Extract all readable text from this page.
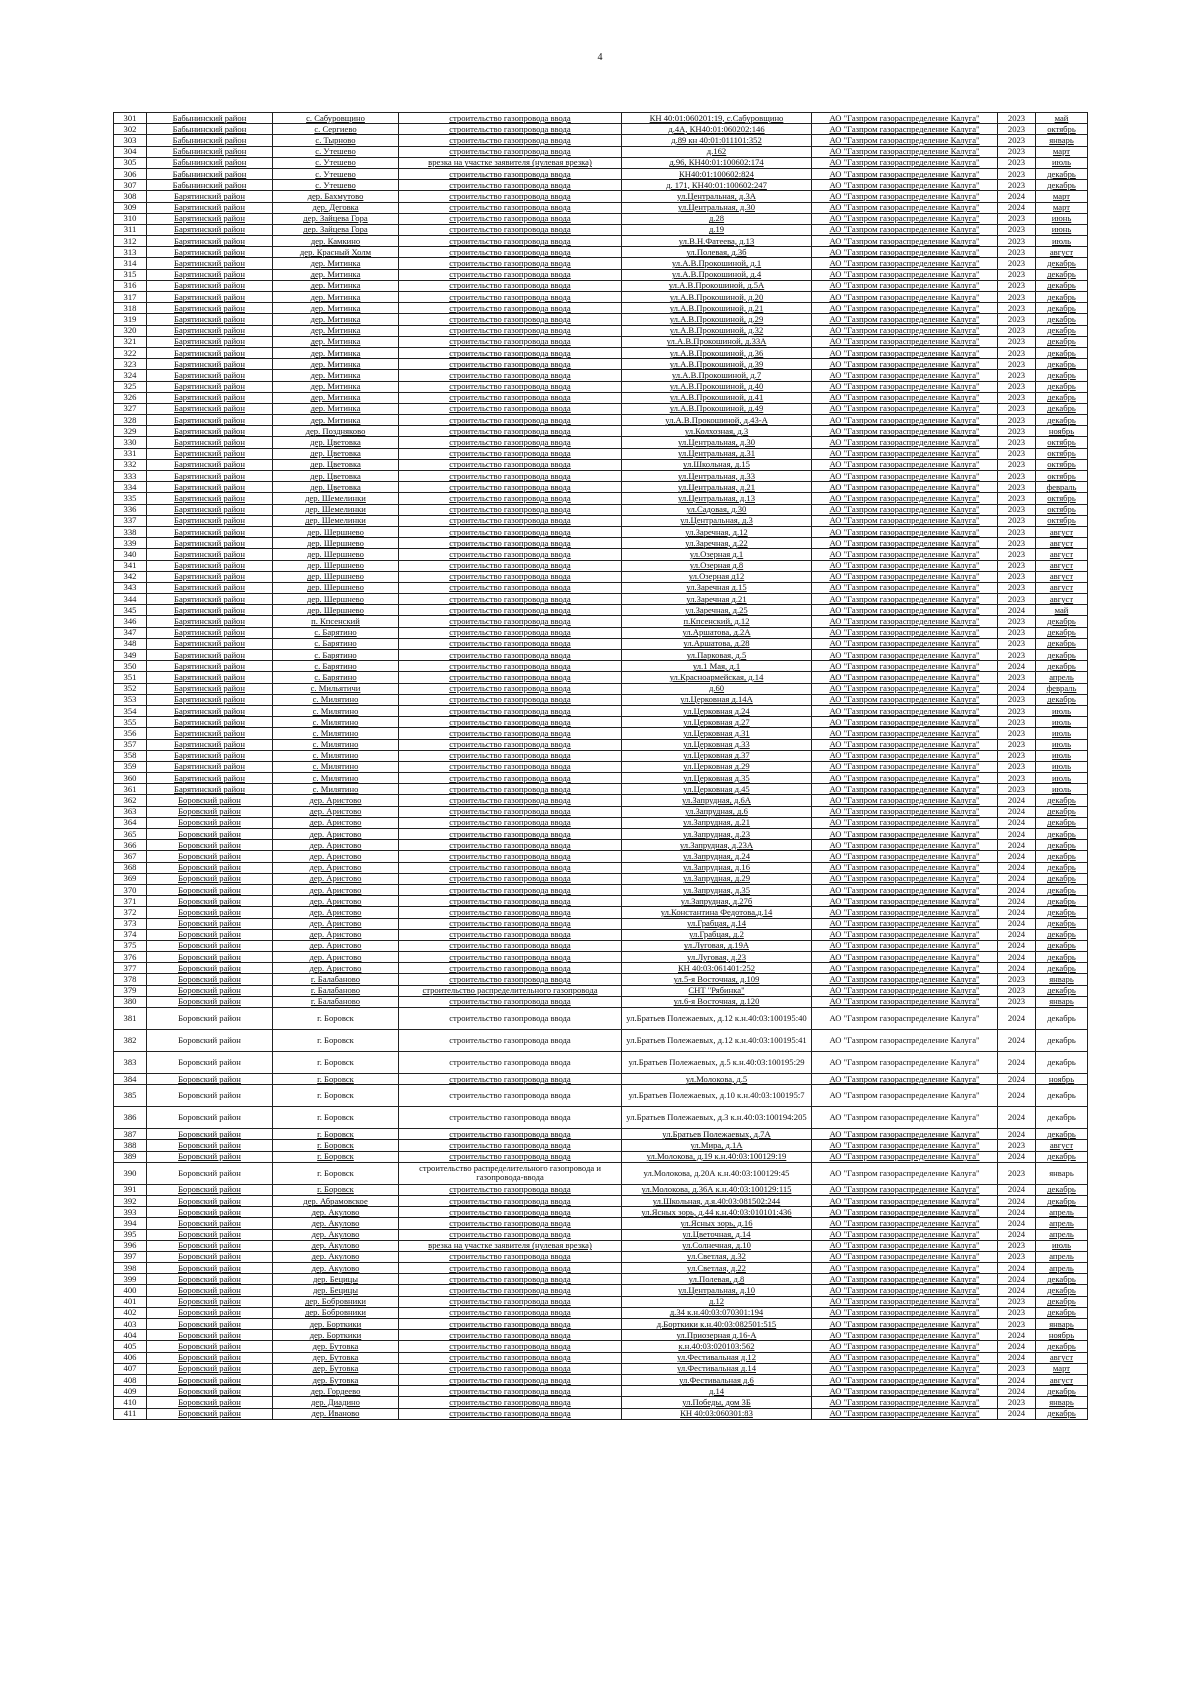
4
301	Бабынинский район	с. Сабуровщино	строительство газопровода ввода	КН 40:01:060201:19, с.Сабуровщино	АО "Газпром газораспределение Калуга"	2023	май
302	Бабынинский район	с. Сергиево	строительство газопровода ввода	д.4А, КН40:01:060202:146	АО "Газпром газораспределение Калуга"	2023	октябрь
303	Бабынинский район	с. Тырново	строительство газопровода ввода	д.89 кн 40:01:011101:352	АО "Газпром газораспределение Калуга"	2023	январь
304	Бабынинский район	с. Утешево	строительство газопровода ввода	д.162	АО "Газпром газораспределение Калуга"	2023	март
305	Бабынинский район	с. Утешево	врезка на участке заявителя (нулевая врезка)	д.96, КН40:01:100602:174	АО "Газпром газораспределение Калуга"	2023	июль
306	Бабынинский район	с. Утешево	строительство газопровода ввода	КН40:01:100602:824	АО "Газпром газораспределение Калуга"	2023	декабрь
307	Бабынинский район	с. Утешево	строительство газопровода ввода	д. 171, КН40:01:100602:247	АО "Газпром газораспределение Калуга"	2023	декабрь
308	Барятинский район	дер. Бахмутово	строительство газопровода ввода	ул.Центральная, д.3А	АО "Газпром газораспределение Калуга"	2024	март
309	Барятинский район	дер. Деговка	строительство газопровода ввода	ул.Центральная, д.30	АО "Газпром газораспределение Калуга"	2024	март
310	Барятинский район	дер. Зайцева Гора	строительство газопровода ввода	д.28	АО "Газпром газораспределение Калуга"	2023	июнь
311	Барятинский район	дер. Зайцева Гора	строительство газопровода ввода	д.19	АО "Газпром газораспределение Калуга"	2023	июнь
312	Барятинский район	дер. Камкино	строительство газопровода ввода	ул.В.Н.Фатеева, д.13	АО "Газпром газораспределение Калуга"	2023	июль
313	Барятинский район	дер. Красный Холм	строительство газопровода ввода	ул.Полевая, д.3б	АО "Газпром газораспределение Калуга"	2023	август
314	Барятинский район	дер. Митинка	строительство газопровода ввода	ул.А.В.Прокошиной, д.1	АО "Газпром газораспределение Калуга"	2023	декабрь
315	Барятинский район	дер. Митинка	строительство газопровода ввода	ул.А.В.Прокошиной, д.4	АО "Газпром газораспределение Калуга"	2023	декабрь
316	Барятинский район	дер. Митинка	строительство газопровода ввода	ул.А.В.Прокошиной, д.5А	АО "Газпром газораспределение Калуга"	2023	декабрь
317	Барятинский район	дер. Митинка	строительство газопровода ввода	ул.А.В.Прокошиной, д.20	АО "Газпром газораспределение Калуга"	2023	декабрь
318	Барятинский район	дер. Митинка	строительство газопровода ввода	ул.А.В.Прокошиной, д.21	АО "Газпром газораспределение Калуга"	2023	декабрь
319	Барятинский район	дер. Митинка	строительство газопровода ввода	ул.А.В.Прокошиной, д.29	АО "Газпром газораспределение Калуга"	2023	декабрь
320	Барятинский район	дер. Митинка	строительство газопровода ввода	ул.А.В.Прокошиной, д.32	АО "Газпром газораспределение Калуга"	2023	декабрь
321	Барятинский район	дер. Митинка	строительство газопровода ввода	ул.А.В.Прокошиной, д.33А	АО "Газпром газораспределение Калуга"	2023	декабрь
322	Барятинский район	дер. Митинка	строительство газопровода ввода	ул.А.В.Прокошиной, д.36	АО "Газпром газораспределение Калуга"	2023	декабрь
323	Барятинский район	дер. Митинка	строительство газопровода ввода	ул.А.В.Прокошиной, д.39	АО "Газпром газораспределение Калуга"	2023	декабрь
324	Барятинский район	дер. Митинка	строительство газопровода ввода	ул.А.В.Прокошиной, д.7	АО "Газпром газораспределение Калуга"	2023	декабрь
325	Барятинский район	дер. Митинка	строительство газопровода ввода	ул.А.В.Прокошиной, д.40	АО "Газпром газораспределение Калуга"	2023	декабрь
326	Барятинский район	дер. Митинка	строительство газопровода ввода	ул.А.В.Прокошиной, д.41	АО "Газпром газораспределение Калуга"	2023	декабрь
327	Барятинский район	дер. Митинка	строительство газопровода ввода	ул.А.В.Прокошиной, д.49	АО "Газпром газораспределение Калуга"	2023	декабрь
328	Барятинский район	дер. Митинка	строительство газопровода ввода	ул.А.В.Прокошиной, д.43-А	АО "Газпром газораспределение Калуга"	2023	декабрь
329	Барятинский район	дер. Поздняково	строительство газопровода ввода	ул.Колхозная, д.3	АО "Газпром газораспределение Калуга"	2023	ноябрь
330	Барятинский район	дер. Цветовка	строительство газопровода ввода	ул.Центральная, д.30	АО "Газпром газораспределение Калуга"	2023	октябрь
331	Барятинский район	дер. Цветовка	строительство газопровода ввода	ул.Центральная, д.31	АО "Газпром газораспределение Калуга"	2023	октябрь
332	Барятинский район	дер. Цветовка	строительство газопровода ввода	ул.Школьная, д.15	АО "Газпром газораспределение Калуга"	2023	октябрь
333	Барятинский район	дер. Цветовка	строительство газопровода ввода	ул.Центральная, д.33	АО "Газпром газораспределение Калуга"	2023	октябрь
334	Барятинский район	дер. Цветовка	строительство газопровода ввода	ул.Центральная, д.21	АО "Газпром газораспределение Калуга"	2023	февраль
335	Барятинский район	дер. Шемелинки	строительство газопровода ввода	ул.Центральная, д.13	АО "Газпром газораспределение Калуга"	2023	октябрь
336	Барятинский район	дер. Шемелинки	строительство газопровода ввода	ул.Садовая, д.30	АО "Газпром газораспределение Калуга"	2023	октябрь
337	Барятинский район	дер. Шемелинки	строительство газопровода ввода	ул.Центральная, д.3	АО "Газпром газораспределение Калуга"	2023	октябрь
338	Барятинский район	дер. Шершнево	строительство газопровода ввода	ул.Заречная, д.12	АО "Газпром газораспределение Калуга"	2023	август
339	Барятинский район	дер. Шершнево	строительство газопровода ввода	ул.Заречная, д.22	АО "Газпром газораспределение Калуга"	2023	август
340	Барятинский район	дер. Шершнево	строительство газопровода ввода	ул.Озерная д.1	АО "Газпром газораспределение Калуга"	2023	август
341	Барятинский район	дер. Шершнево	строительство газопровода ввода	ул.Озерная д.8	АО "Газпром газораспределение Калуга"	2023	август
342	Барятинский район	дер. Шершнево	строительство газопровода ввода	ул.Озерная д12	АО "Газпром газораспределение Калуга"	2023	август
343	Барятинский район	дер. Шершнево	строительство газопровода ввода	ул.Заречная д.15	АО "Газпром газораспределение Калуга"	2023	август
344	Барятинский район	дер. Шершнево	строительство газопровода ввода	ул.Заречная д.21	АО "Газпром газораспределение Калуга"	2023	август
345	Барятинский район	дер. Шершнево	строительство газопровода ввода	ул.Заречная, д.25	АО "Газпром газораспределение Калуга"	2024	май
346	Барятинский район	п. Кпсенский	строительство газопровода ввода	п.Кпсенский, д.12	АО "Газпром газораспределение Калуга"	2023	декабрь
347	Барятинский район	с. Барятино	строительство газопровода ввода	ул.Аршатова, д.2А	АО "Газпром газораспределение Калуга"	2023	декабрь
348	Барятинский район	с. Барятино	строительство газопровода ввода	ул.Аршатова, д.28	АО "Газпром газораспределение Калуга"	2023	декабрь
349	Барятинский район	с. Барятино	строительство газопровода ввода	ул.Парковая, д.5	АО "Газпром газораспределение Калуга"	2023	декабрь
350	Барятинский район	с. Барятино	строительство газопровода ввода	ул.1 Мая, д.1	АО "Газпром газораспределение Калуга"	2024	декабрь
351	Барятинский район	с. Барятино	строительство газопровода ввода	ул.Красноармейская, д.14	АО "Газпром газораспределение Калуга"	2023	апрель
352	Барятинский район	с. Мильятичи	строительство газопровода ввода	д.60	АО "Газпром газораспределение Калуга"	2024	февраль
353	Барятинский район	с. Милятино	строительство газопровода ввода	ул.Церковная д.14А	АО "Газпром газораспределение Калуга"	2023	декабрь
354	Барятинский район	с. Милятино	строительство газопровода ввода	ул.Церковная д.24	АО "Газпром газораспределение Калуга"	2023	июль
355	Барятинский район	с. Милятино	строительство газопровода ввода	ул.Церковная д.27	АО "Газпром газораспределение Калуга"	2023	июль
356	Барятинский район	с. Милятино	строительство газопровода ввода	ул.Церковная д.31	АО "Газпром газораспределение Калуга"	2023	июль
357	Барятинский район	с. Милятино	строительство газопровода ввода	ул.Церковная д.33	АО "Газпром газораспределение Калуга"	2023	июль
358	Барятинский район	с. Милятино	строительство газопровода ввода	ул.Церковная д.37	АО "Газпром газораспределение Калуга"	2023	июль
359	Барятинский район	с. Милятино	строительство газопровода ввода	ул.Церковная д.29	АО "Газпром газораспределение Калуга"	2023	июль
360	Барятинский район	с. Милятино	строительство газопровода ввода	ул.Церковная д.35	АО "Газпром газораспределение Калуга"	2023	июль
361	Барятинский район	с. Милятино	строительство газопровода ввода	ул.Церковная д.45	АО "Газпром газораспределение Калуга"	2023	июль
362	Боровский район	дер. Аристово	строительство газопровода ввода	ул.Запрудная, д.6А	АО "Газпром газораспределение Калуга"	2024	декабрь
363	Боровский район	дер. Аристово	строительство газопровода ввода	ул.Запрудная, д.6	АО "Газпром газораспределение Калуга"	2024	декабрь
364	Боровский район	дер. Аристово	строительство газопровода ввода	ул.Запрудная, д.21	АО "Газпром газораспределение Калуга"	2024	декабрь
365	Боровский район	дер. Аристово	строительство газопровода ввода	ул.Запрудная, д.23	АО "Газпром газораспределение Калуга"	2024	декабрь
366	Боровский район	дер. Аристово	строительство газопровода ввода	ул.Запрудная, д.23А	АО "Газпром газораспределение Калуга"	2024	декабрь
367	Боровский район	дер. Аристово	строительство газопровода ввода	ул.Запрудная, д.24	АО "Газпром газораспределение Калуга"	2024	декабрь
368	Боровский район	дер. Аристово	строительство газопровода ввода	ул.Запрудная, д.16	АО "Газпром газораспределение Калуга"	2024	декабрь
369	Боровский район	дер. Аристово	строительство газопровода ввода	ул.Запрудная, д.29	АО "Газпром газораспределение Калуга"	2024	декабрь
370	Боровский район	дер. Аристово	строительство газопровода ввода	ул.Запрудная, д.35	АО "Газпром газораспределение Калуга"	2024	декабрь
371	Боровский район	дер. Аристово	строительство газопровода ввода	ул.Запрудная, д.27б	АО "Газпром газораспределение Калуга"	2024	декабрь
372	Боровский район	дер. Аристово	строительство газопровода ввода	ул.Константина Федотова,д.14	АО "Газпром газораспределение Калуга"	2024	декабрь
373	Боровский район	дер. Аристово	строительство газопровода ввода	ул.Грабцая, д.14	АО "Газпром газораспределение Калуга"	2024	декабрь
374	Боровский район	дер. Аристово	строительство газопровода ввода	ул.Грабцая, д.2	АО "Газпром газораспределение Калуга"	2024	декабрь
375	Боровский район	дер. Аристово	строительство газопровода ввода	ул.Луговая, д.19А	АО "Газпром газораспределение Калуга"	2024	декабрь
376	Боровский район	дер. Аристово	строительство газопровода ввода	ул.Луговая, д.23	АО "Газпром газораспределение Калуга"	2024	декабрь
377	Боровский район	дер. Аристово	строительство газопровода ввода	КН 40:03:061401:252	АО "Газпром газораспределение Калуга"	2024	декабрь
378	Боровский район	г. Балабаново	строительство газопровода ввода	ул.5-я Восточная, д.109	АО "Газпром газораспределение Калуга"	2023	январь
379	Боровский район	г. Балабаново	строительство распределительного газопровода	СНТ "Рябинка"	АО "Газпром газораспределение Калуга"	2023	декабрь
380	Боровский район	г. Балабаново	строительство газопровода ввода	ул.6-я Восточная, д.120	АО "Газпром газораспределение Калуга"	2023	январь
381	Боровский район	г. Боровск	строительство газопровода ввода	ул.Братьев Полежаевых, д.12 к.н.40:03:100195:40	АО "Газпром газораспределение Калуга"	2024	декабрь
382	Боровский район	г. Боровск	строительство газопровода ввода	ул.Братьев Полежаевых, д.12 к.н.40:03:100195:41	АО "Газпром газораспределение Калуга"	2024	декабрь
383	Боровский район	г. Боровск	строительство газопровода ввода	ул.Братьев Полежаевых, д.5 к.н.40:03:100195:29	АО "Газпром газораспределение Калуга"	2024	декабрь
384	Боровский район	г. Боровск	строительство газопровода ввода	ул.Молокова, д.5	АО "Газпром газораспределение Калуга"	2024	ноябрь
385	Боровский район	г. Боровск	строительство газопровода ввода	ул.Братьев Полежаевых, д.10 к.н.40:03:100195:7	АО "Газпром газораспределение Калуга"	2024	декабрь
386	Боровский район	г. Боровск	строительство газопровода ввода	ул.Братьев Полежаевых, д.3 к.н.40:03:100194:205	АО "Газпром газораспределение Калуга"	2024	декабрь
387	Боровский район	г. Боровск	строительство газопровода ввода	ул.Братьев Полежаевых, д.7А	АО "Газпром газораспределение Калуга"	2024	декабрь
388	Боровский район	г. Боровск	строительство газопровода ввода	ул.Мира, д.1А	АО "Газпром газораспределение Калуга"	2023	август
389	Боровский район	г. Боровск	строительство газопровода ввода	ул.Молокова, д.19 к.н.40:03:100129:19	АО "Газпром газораспределение Калуга"	2024	декабрь
390	Боровский район	г. Боровск	строительство распределительного газопровода и газопровода-ввода	ул.Молокова, д.20А к.н.40:03:100129:45	АО "Газпром газораспределение Калуга"	2023	январь
391	Боровский район	г. Боровск	строительство газопровода ввода	ул.Молокова, д.36А к.н.40:03:100129:115	АО "Газпром газораспределение Калуга"	2024	декабрь
392	Боровский район	дер. Абрамовское	строительство газопровода ввода	ул.Школьная, д.я.40:03:081502:244	АО "Газпром газораспределение Калуга"	2024	декабрь
393	Боровский район	дер. Акулово	строительство газопровода ввода	ул.Ясных зорь, д.44 к.н.40:03:010101:436	АО "Газпром газораспределение Калуга"	2024	апрель
394	Боровский район	дер. Акулово	строительство газопровода ввода	ул.Ясных зорь, д.16	АО "Газпром газораспределение Калуга"	2024	апрель
395	Боровский район	дер. Акулово	строительство газопровода ввода	ул.Цветочная, д.14	АО "Газпром газораспределение Калуга"	2024	апрель
396	Боровский район	дер. Акулово	врезка на участке заявителя (нулевая врезка)	ул.Солнечная, д.10	АО "Газпром газораспределение Калуга"	2023	июль
397	Боровский район	дер. Акулово	строительство газопровода ввода	ул.Светлая, д.32	АО "Газпром газораспределение Калуга"	2023	апрель
398	Боровский район	дер. Акулово	строительство газопровода ввода	ул.Светлая, д.22	АО "Газпром газораспределение Калуга"	2024	апрель
399	Боровский район	дер. Бецицы	строительство газопровода ввода	ул.Полевая, д.8	АО "Газпром газораспределение Калуга"	2024	декабрь
400	Боровский район	дер. Бецицы	строительство газопровода ввода	ул.Центральная, д.10	АО "Газпром газораспределение Калуга"	2024	декабрь
401	Боровский район	дер. Бобровники	строительство газопровода ввода	д.12	АО "Газпром газораспределение Калуга"	2023	декабрь
402	Боровский район	дер. Бобровники	строительство газопровода ввода	д.34 к.н.40:03:070301:194	АО "Газпром газораспределение Калуга"	2023	декабрь
403	Боровский район	дер. Борткики	строительство газопровода ввода	д.Борткики к.н.40:03:082501:515	АО "Газпром газораспределение Калуга"	2023	январь
404	Боровский район	дер. Борткики	строительство газопровода ввода	ул.Приозерная д.16-А	АО "Газпром газораспределение Калуга"	2024	ноябрь
405	Боровский район	дер. Бутовка	строительство газопровода ввода	к.н.40:03:020103:562	АО "Газпром газораспределение Калуга"	2024	декабрь
406	Боровский район	дер. Бутовка	строительство газопровода ввода	ул.Фестивальная д.12	АО "Газпром газораспределение Калуга"	2024	август
407	Боровский район	дер. Бутовка	строительство газопровода ввода	ул.Фестивальная д.14	АО "Газпром газораспределение Калуга"	2023	март
408	Боровский район	дер. Бутовка	строительство газопровода ввода	ул.Фестивальная д.6	АО "Газпром газораспределение Калуга"	2024	август
409	Боровский район	дер. Гордеево	строительство газопровода ввода	д.14	АО "Газпром газораспределение Калуга"	2024	декабрь
410	Боровский район	дер. Диадино	строительство газопровода ввода	ул.Победы, дом 3Б	АО "Газпром газораспределение Калуга"	2023	январь
411	Боровский район	дер. Иваново	строительство газопровода ввода	КН 40:03:060301:83	АО "Газпром газораспределение Калуга"	2024	декабрь
